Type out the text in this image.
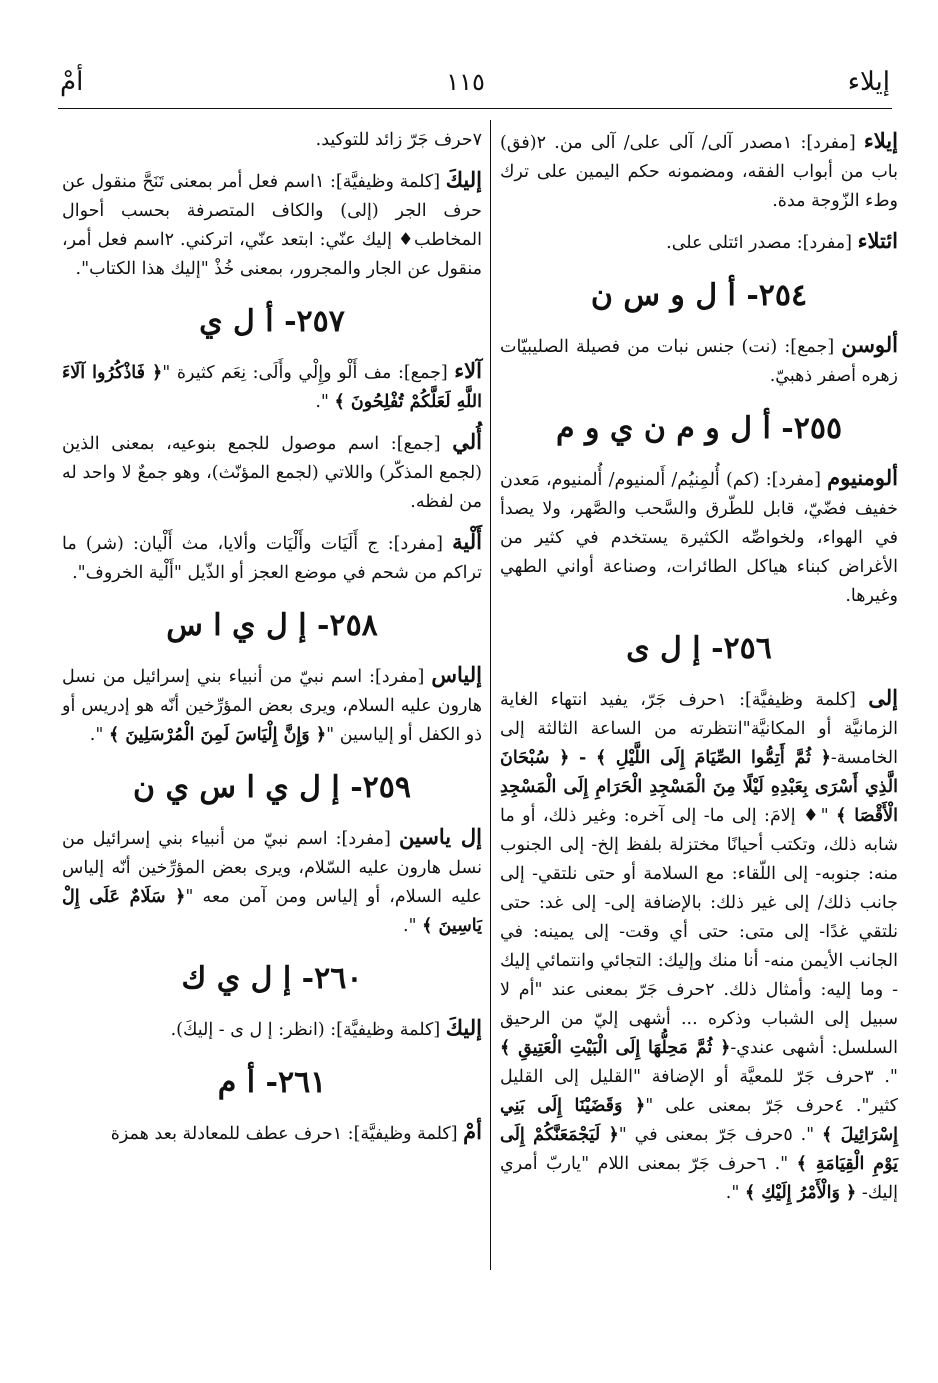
إيلاء
١١٥
أمْ

إيلاء [مفرد]: ١مصدر آلى/ آلى على/ آلى من. ٢(فق) باب من أبواب الفقه، ومضمونه حكم اليمين على ترك وطء الزّوجة مدة.

ائتلاء [مفرد]: مصدر ائتلى على.

٢٥٤- أ ل و س ن

ألوسن [جمع]: (نت) جنس نبات من فصيلة الصليبيّات زهره أصفر ذهبيّ.

٢٥٥- أ ل و م ن ي و م

ألومنيوم [مفرد]: (كم) أُلمِنيُم/ أَلمنيوم/ أُلمنيوم، مَعدن خفيف فضّيّ، قابل للطّرق والسَّحب والصَّهر، ولا يصدأ في الهواء، ولخواصِّه الكثيرة يستخدم في كثير من الأغراض كبناء هياكل الطائرات، وصناعة أواني الطهي وغيرها.

٢٥٦- إ ل ى

إلى [كلمة وظيفيَّة]: ١حرف جَرّ، يفيد انتهاء الغاية الزمانيَّة أو المكانيَّة"انتظرته من الساعة الثالثة إلى الخامسة-﴿ ثُمَّ أَتِمُّوا الصِّيَامَ إِلَى اللَّيْلِ ﴾ - ﴿ سُبْحَانَ الَّذِي أَسْرَى بِعَبْدِهِ لَيْلًا مِنَ الْمَسْجِدِ الْحَرَامِ إِلَى الْمَسْجِدِ الْأَقْصَا ﴾ "♦ إلامَ: إلى ما- إلى آخره: وغير ذلك، أو ما شابه ذلك، وتكتب أحيانًا مختزلة بلفظ إلخ- إلى الجنوب منه: جنوبه- إلى اللّقاء: مع السلامة أو حتى نلتقي- إلى جانب ذلك/ إلى غير ذلك: بالإضافة إلى- إلى غد: حتى نلتقي غدًا- إلى متى: حتى أي وقت- إلى يمينه: في الجانب الأيمن منه- أنا منك وإليك: التجائي وانتمائي إليك - وما إليه: وأمثال ذلك. ٢حرف جَرّ بمعنى عند "أم لا سبيل إلى الشباب وذكره ... أشهى إليّ من الرحيق السلسل: أشهى عندي-﴿ ثُمَّ مَحِلُّهَا إِلَى الْبَيْتِ الْعَتِيقِ ﴾ ". ٣حرف جَرّ للمعيَّة أو الإضافة "القليل إلى القليل كثير". ٤حرف جَرّ بمعنى على "﴿ وَقَضَيْنَا إِلَى بَنِي إِسْرَائِيلَ ﴾ ". ٥حرف جَرّ بمعنى في "﴿ لَيَجْمَعَنَّكُمْ إِلَى يَوْمِ الْقِيَامَةِ ﴾ ". ٦حرف جَرّ بمعنى اللام "ياربّ أمري إليك- ﴿ وَالْأَمْرُ إِلَيْكِ ﴾ ".

٧حرف جَرّ زائد للتوكيد.

إليكَ [كلمة وظيفيَّة]: ١اسم فعل أمر بمعنى تَنَحَّ منقول عن حرف الجر (إلى) والكاف المتصرفة بحسب أحوال المخاطب♦ إليك عنّي: ابتعد عنّي، اتركني. ٢اسم فعل أمر، منقول عن الجار والمجرور، بمعنى خُذْ "إليك هذا الكتاب".

٢٥٧- أ ل ي

آلاء [جمع]: مف أَلْو وإِلْي وأَلَى: نِعَم كثيرة "﴿ فَاذْكُرُوا آلَاءَ اللَّهِ لَعَلَّكُمْ تُفْلِحُونَ ﴾ ".

أُلي [جمع]: اسم موصول للجمع بنوعيه، بمعنى الذين (لجمع المذكّر) واللاتي (لجمع المؤنّث)، وهو جمعٌ لا واحد له من لفظه.

أَلْية [مفرد]: ج أَلَيَات وأَلْيَات وألايا، مث أَلْيان: (شر) ما تراكم من شحم في موضع العجز أو الذّيل "أَلْية الخروف".

٢٥٨- إ ل ي ا س

إلياس [مفرد]: اسم نبيّ من أنبياء بني إسرائيل من نسل هارون عليه السلام، ويرى بعض المؤرِّخين أنّه هو إدريس أو ذو الكفل أو إلياسين "﴿ وَإِنَّ إِلْيَاسَ لَمِنَ الْمُرْسَلِينَ ﴾ ".

٢٥٩- إ ل ي ا س ي ن

إل ياسين [مفرد]: اسم نبيّ من أنبياء بني إسرائيل من نسل هارون عليه السّلام، ويرى بعض المؤرِّخين أنّه إلياس عليه السلام، أو إلياس ومن آمن معه "﴿ سَلَامٌ عَلَى إِلْ يَاسِينَ ﴾ ".

٢٦٠- إ ل ي ك

إليكَ [كلمة وظيفيَّة]: (انظر: إ ل ى - إليكَ).

٢٦١- أ م

أمْ [كلمة وظيفيَّة]: ١حرف عطف للمعادلة بعد همزة
